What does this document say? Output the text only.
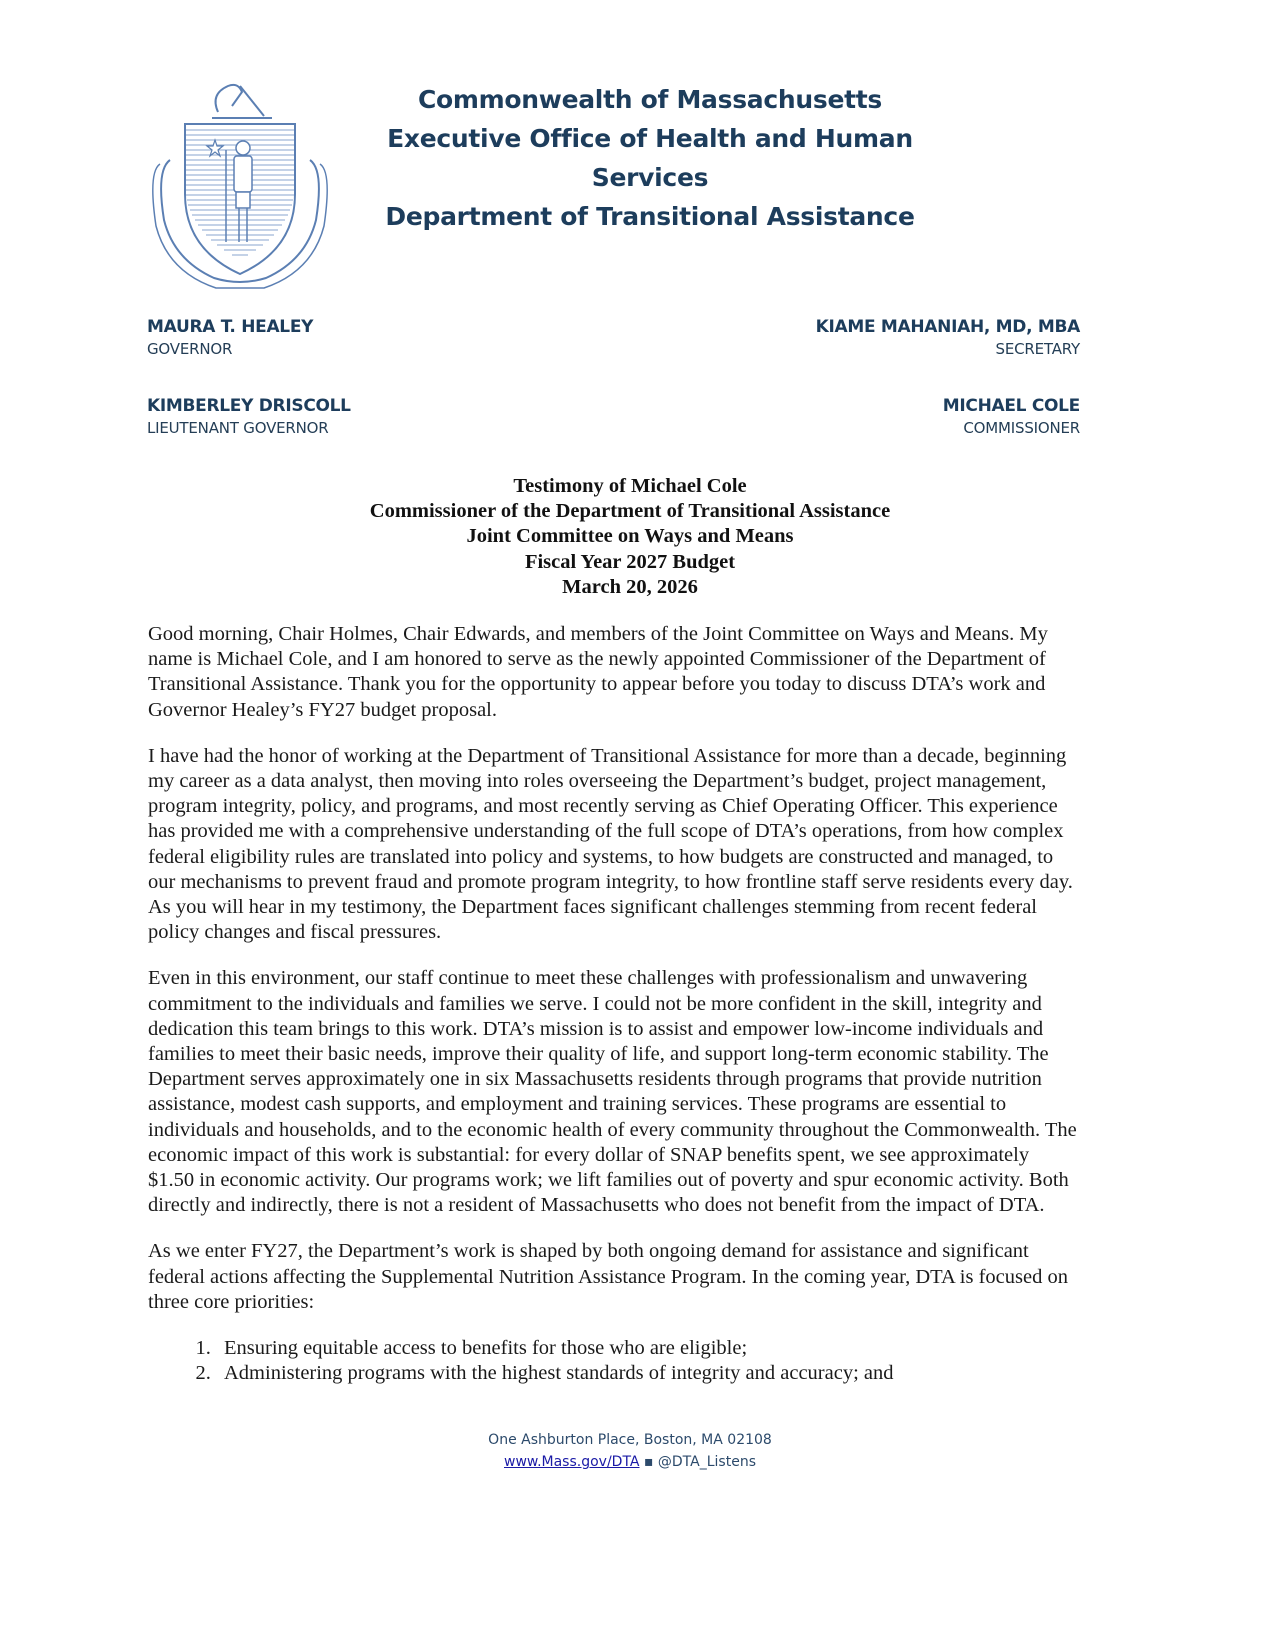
Commonwealth of Massachusetts
Executive Office of Health and Human Services
Department of Transitional Assistance
MAURA T. HEALEY
GOVERNOR
KIMBERLEY DRISCOLL
LIEUTENANT GOVERNOR
KIAME MAHANIAH, MD, MBA
SECRETARY
MICHAEL COLE
COMMISSIONER
Testimony of Michael Cole
Commissioner of the Department of Transitional Assistance
Joint Committee on Ways and Means
Fiscal Year 2027 Budget
March 20, 2026

Good morning, Chair Holmes, Chair Edwards, and members of the Joint Committee on Ways and Means. My name is Michael Cole, and I am honored to serve as the newly appointed Commissioner of the Department of Transitional Assistance. Thank you for the opportunity to appear before you today to discuss DTA’s work and Governor Healey’s FY27 budget proposal.

I have had the honor of working at the Department of Transitional Assistance for more than a decade, beginning my career as a data analyst, then moving into roles overseeing the Department’s budget, project management, program integrity, policy, and programs, and most recently serving as Chief Operating Officer. This experience has provided me with a comprehensive understanding of the full scope of DTA’s operations, from how complex federal eligibility rules are translated into policy and systems, to how budgets are constructed and managed, to our mechanisms to prevent fraud and promote program integrity, to how frontline staff serve residents every day. As you will hear in my testimony, the Department faces significant challenges stemming from recent federal policy changes and fiscal pressures.

Even in this environment, our staff continue to meet these challenges with professionalism and unwavering commitment to the individuals and families we serve. I could not be more confident in the skill, integrity and dedication this team brings to this work. DTA’s mission is to assist and empower low-income individuals and families to meet their basic needs, improve their quality of life, and support long-term economic stability. The Department serves approximately one in six Massachusetts residents through programs that provide nutrition assistance, modest cash supports, and employment and training services. These programs are essential to individuals and households, and to the economic health of every community throughout the Commonwealth. The economic impact of this work is substantial: for every dollar of SNAP benefits spent, we see approximately $1.50 in economic activity. Our programs work; we lift families out of poverty and spur economic activity. Both directly and indirectly, there is not a resident of Massachusetts who does not benefit from the impact of DTA.

As we enter FY27, the Department’s work is shaped by both ongoing demand for assistance and significant federal actions affecting the Supplemental Nutrition Assistance Program. In the coming year, DTA is focused on three core priorities:

1. Ensuring equitable access to benefits for those who are eligible;
2. Administering programs with the highest standards of integrity and accuracy; and
One Ashburton Place, Boston, MA 02108
www.Mass.gov/DTA ▪ @DTA_Listens
